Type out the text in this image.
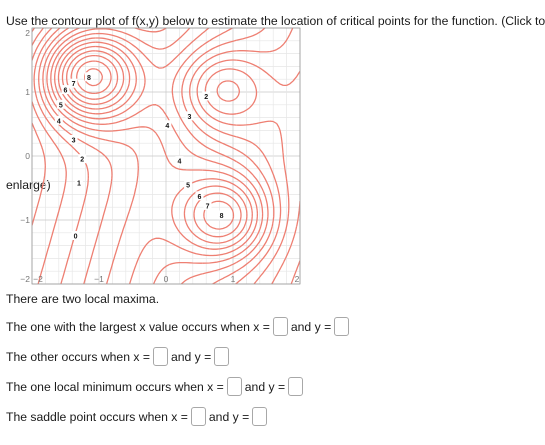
Use the contour plot of f(x,y) below to estimate the location of critical points for the function. (Click to
enlarge)
8
7
6
5
4
3
2
1
0
2
3
4
4
5
6
7
8
−2	−1	0	1	2
2
1
0
−1
−2
There are two local maxima.
The one with the largest x value occurs when x = and y =
The other occurs when x = and y =
The one local minimum occurs when x = and y =
The saddle point occurs when x = and y =
